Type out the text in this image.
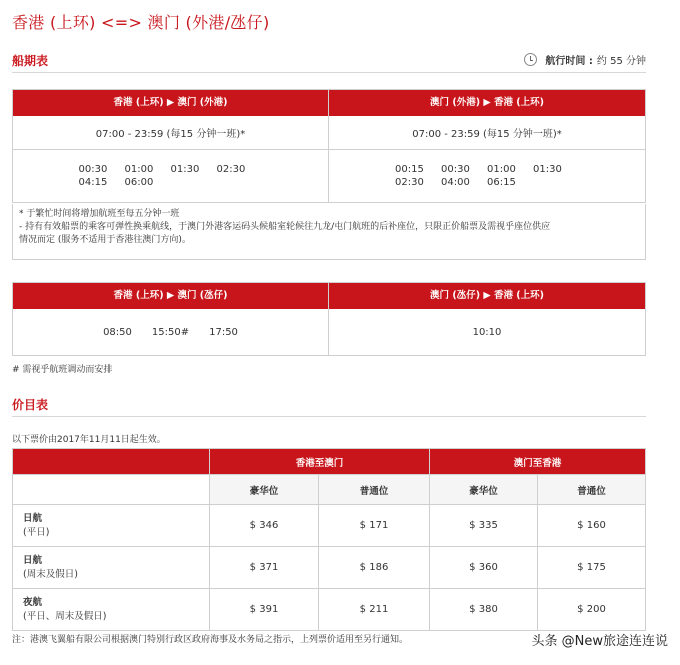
香港 (上环) <=> 澳门 (外港/氹仔)
船期表	航行时间 : 约 55 分钟
香港 (上环) ▶ 澳门 (外港)
07:00 - 23:59 (每15 分钟一班)*
00:30	01:00	01:30	02:30
04:15	06:00
澳门 (外港) ▶ 香港 (上环)
07:00 - 23:59 (每15 分钟一班)*
00:15	00:30	01:00	01:30
02:30	04:00	06:15
* 于繁忙时间将增加航班至每五分钟一班
- 持有有效船票的乘客可弹性换乘航线，于澳门外港客运码头候船室轮候往九龙/屯门航班的后补座位，只限正价船票及需视乎座位供应
情况而定 (服务不适用于香港往澳门方向)。
香港 (上环) ▶ 澳门 (氹仔)
08:50 15:50# 17:50
澳门 (氹仔) ▶ 香港 (上环)
10:10
# 需视乎航班调动而安排
价目表
以下票价由2017年11月11日起生效。
	香港至澳门		澳门至香港	
	豪华位	普通位	豪华位	普通位

日航
(平日)	$ 346	$ 171	$ 335	$ 160

日航
(周末及假日)	$ 371	$ 186	$ 360	$ 175

夜航
(平日、周末及假日)	$ 391	$ 211	$ 380	$ 200
注：港澳飞翼船有限公司根据澳门特别行政区政府海事及水务局之指示，上列票价适用至另行通知。	头条 @New旅途连连说
